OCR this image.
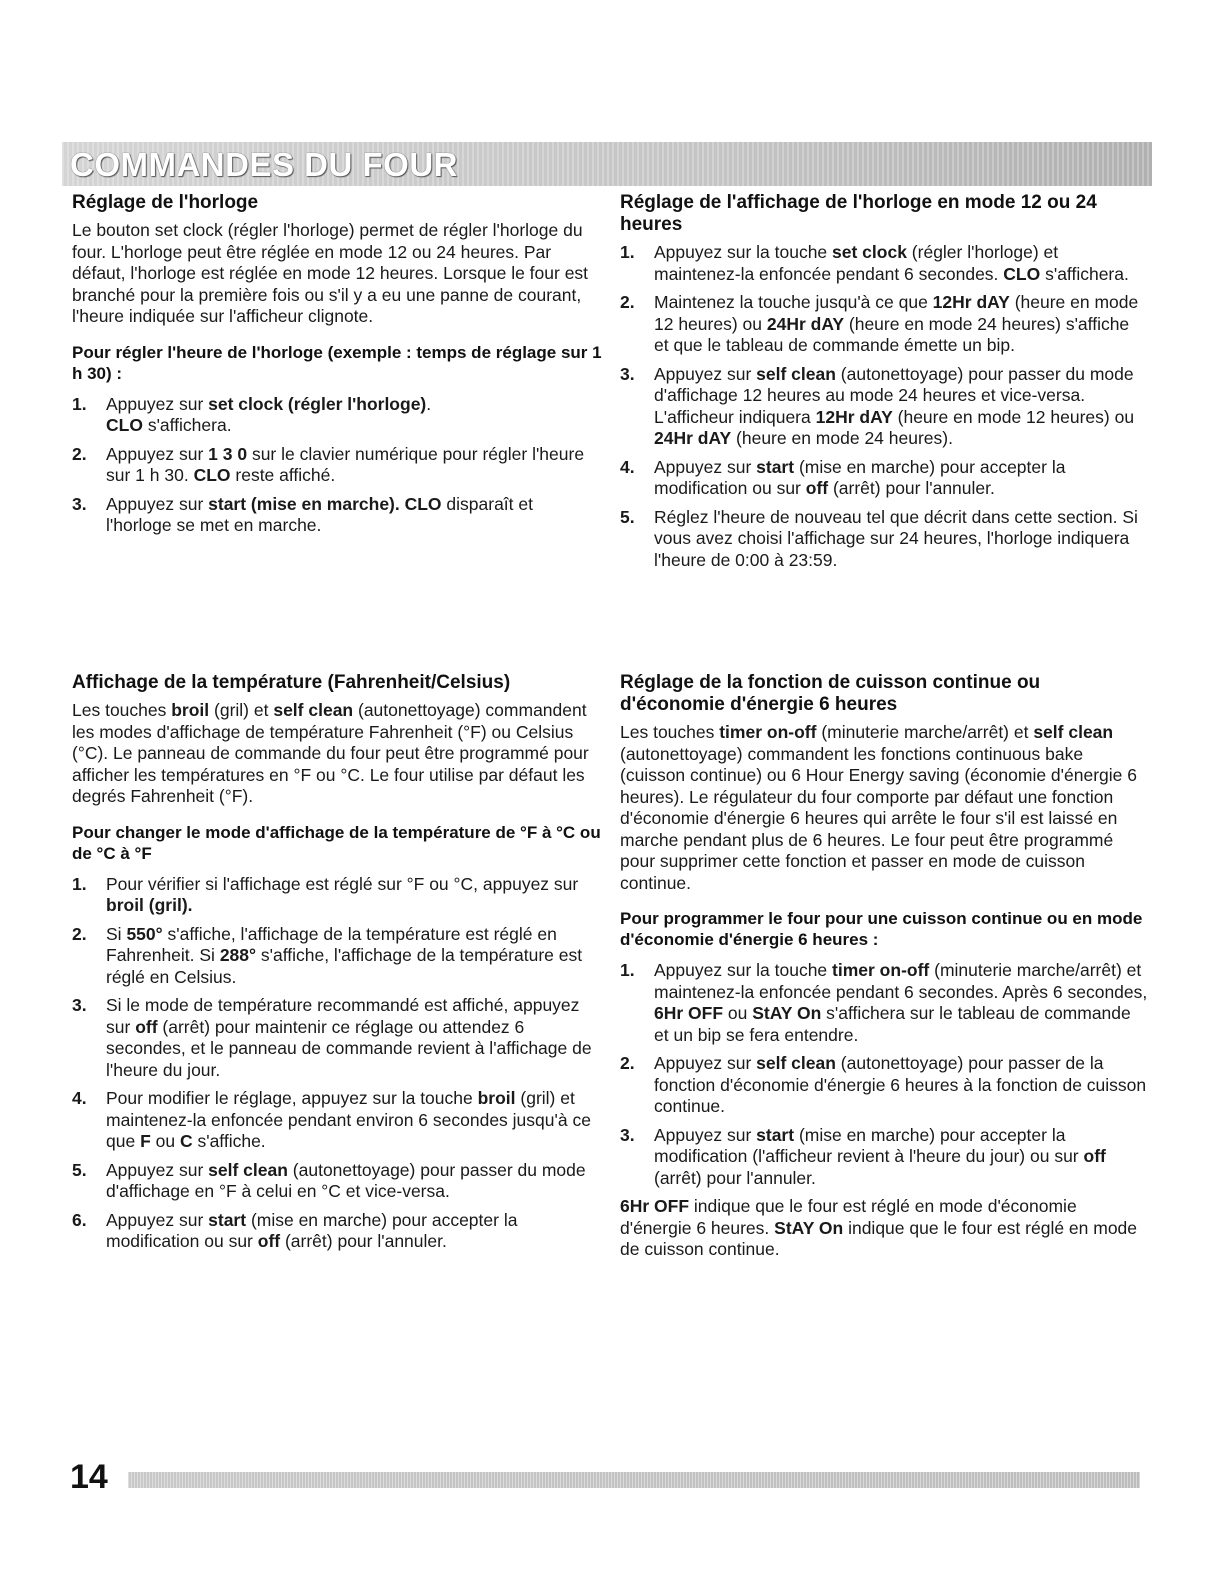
COMMANDES DU FOUR
Réglage de l'horloge

Le bouton set clock (régler l'horloge) permet de régler l'horloge du four. L'horloge peut être réglée en mode 12 ou 24 heures. Par défaut, l'horloge est réglée en mode 12 heures. Lorsque le four est branché pour la première fois ou s'il y a eu une panne de courant, l'heure indiquée sur l'afficheur clignote.

Pour régler l'heure de l'horloge (exemple : temps de réglage sur 1 h 30) :
1. Appuyez sur set clock (régler l'horloge).
CLO s'affichera.
2. Appuyez sur 1 3 0 sur le clavier numérique pour régler l'heure sur 1 h 30. CLO reste affiché.
3. Appuyez sur start (mise en marche). CLO disparaît et l'horloge se met en marche.
Affichage de la température (Fahrenheit/Celsius)

Les touches broil (gril) et self clean (autonettoyage) commandent les modes d'affichage de température Fahrenheit (°F) ou Celsius (°C). Le panneau de commande du four peut être programmé pour afficher les températures en °F ou °C. Le four utilise par défaut les degrés Fahrenheit (°F).

Pour changer le mode d'affichage de la température de °F à °C ou de °C à °F
1. Pour vérifier si l'affichage est réglé sur °F ou °C, appuyez sur broil (gril).
2. Si 550° s'affiche, l'affichage de la température est réglé en Fahrenheit. Si 288° s'affiche, l'affichage de la température est réglé en Celsius.
3. Si le mode de température recommandé est affiché, appuyez sur off (arrêt) pour maintenir ce réglage ou attendez 6 secondes, et le panneau de commande revient à l'affichage de l'heure du jour.
4. Pour modifier le réglage, appuyez sur la touche broil (gril) et maintenez-la enfoncée pendant environ 6 secondes jusqu'à ce que F ou C s'affiche.
5. Appuyez sur self clean (autonettoyage) pour passer du mode d'affichage en °F à celui en °C et vice-versa.
6. Appuyez sur start (mise en marche) pour accepter la modification ou sur off (arrêt) pour l'annuler.
Réglage de l'affichage de l'horloge en mode 12 ou 24 heures
1. Appuyez sur la touche set clock (régler l'horloge) et maintenez-la enfoncée pendant 6 secondes. CLO s'affichera.
2. Maintenez la touche jusqu'à ce que 12Hr dAY (heure en mode 12 heures) ou 24Hr dAY (heure en mode 24 heures) s'affiche et que le tableau de commande émette un bip.
3. Appuyez sur self clean (autonettoyage) pour passer du mode d'affichage 12 heures au mode 24 heures et vice-versa. L'afficheur indiquera 12Hr dAY (heure en mode 12 heures) ou 24Hr dAY (heure en mode 24 heures).
4. Appuyez sur start (mise en marche) pour accepter la modification ou sur off (arrêt) pour l'annuler.
5. Réglez l'heure de nouveau tel que décrit dans cette section. Si vous avez choisi l'affichage sur 24 heures, l'horloge indiquera l'heure de 0:00 à 23:59.
Réglage de la fonction de cuisson continue ou d'économie d'énergie 6 heures

Les touches timer on-off (minuterie marche/arrêt) et self clean (autonettoyage) commandent les fonctions continuous bake (cuisson continue) ou 6 Hour Energy saving (économie d'énergie 6 heures). Le régulateur du four comporte par défaut une fonction d'économie d'énergie 6 heures qui arrête le four s'il est laissé en marche pendant plus de 6 heures. Le four peut être programmé pour supprimer cette fonction et passer en mode de cuisson continue.

Pour programmer le four pour une cuisson continue ou en mode d'économie d'énergie 6 heures :
1. Appuyez sur la touche timer on-off (minuterie marche/arrêt) et maintenez-la enfoncée pendant 6 secondes. Après 6 secondes, 6Hr OFF ou StAY On s'affichera sur le tableau de commande et un bip se fera entendre.
2. Appuyez sur self clean (autonettoyage) pour passer de la fonction d'économie d'énergie 6 heures à la fonction de cuisson continue.
3. Appuyez sur start (mise en marche) pour accepter la modification (l'afficheur revient à l'heure du jour) ou sur off (arrêt) pour l'annuler.

6Hr OFF indique que le four est réglé en mode d'économie d'énergie 6 heures. StAY On indique que le four est réglé en mode de cuisson continue.

14
